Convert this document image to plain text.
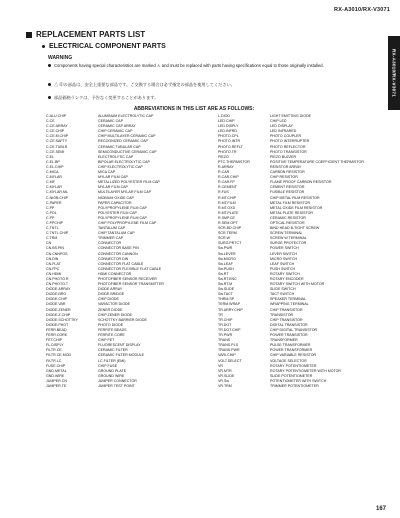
RX-A3010/RX-V3071
RX-A3010/RX-V3071
REPLACEMENT PARTS LIST
ELECTRICAL COMPONENT PARTS
WARNING
Components having special characteristics are marked ⚠ and must be replaced with parts having specifications equal to those originally installed.
△ 印の部品は、安全上重要な部品です。ご交換する場合は必ず指定の部品を使用してください。
部品価格ランクは、予告なく変更することがあります。
ABBREVIATIONS IN THIS LIST ARE AS FOLLOWS:
C.ALU.CHIP	ALUMINUM ELECTROLYTIC CAP
C.CE	CERAMIC CAP
C.CE.ARRAY	CERAMIC CAP ARRAY
C.CE.CHIP	CHIP CERAMIC CAP
C.CE.M.CHIP	CHIP MULTILAYER CERAMIC CAP
C.CE.SAFTY	RECOGNIZED CERAMIC CAP
C.CE.TUBLR	CERAMIC TUBULAR CAP
C.CE.SEMI	SEMICONDUCTIVE CERAMIC CAP
C.EL	ELECTROLYTIC CAP
C.EL.BP	BIPOLAR ELECTROLYTIC CAP
C.EL.CHIP	CHIP ELECTROLYTIC CAP
C.MICA	MICA CAP
C.MYLAR	MYLAR FILM CAP
C.MF	METALLIZED POLYESTER FILM CAP
C.MYLAR	MYLAR FILM CAP
C.MYLAR.ML	MULTILAYER MYLAR FILM CAP
C.NIOB.CHIP	NIOBIUM OXIDE CAP
C.PAPER	PAPER CAPACITOR
C.PP	POLYPROPYLENE FILM CAP
C.POL	POLYESTER FILM CAP
C.PP	POLYPROPYLENE FILM CAP
C.PPCHIP	CHIP POLYPROPYLENE FILM CAP
C.TNTL	TANTALUM CAP
C.TNTL.CHIP	CHIP TANTALUM CAP
C.TRM	TRIMMER CAP
CN	CONNECTOR
CN.BS.PIN	CONNECTOR BASE PIN
CN.CNNPOS	CONNECTOR CANNON
CN.DIN	CONNECTOR DIN
CN.FLAT	CONNECTOR FLAT CABLE
CN.FPC	CONNECTOR FLEXIBLE FLAT CABLE
CN.HDMI	HDMI CONNECTOR
CN.PHOTO.R	PHOTOFIBER SENSOR RECEIVER
CN.PHOTO.T	PHOTOFIBER SENSOR TRANSMITTER
DIODE.ARRAY	DIODE ARRAY
DIODE.BRG	DIODE BRIDGE
DIODE.CHIP	CHIP DIODE
DIODE.VAR	VARACTOR DIODE
DIODE.ZENER	ZENER DIODE
DIODE.Z.CHIP	CHIP ZENER DIODE
DIODE.SCHOTTKY	SCHOTTKY BARRIER DIODE
DIODE.PHOT	PHOTO DIODE
FERR.BEAD	FERRITE BEADS
FERR.CORE	FERRITE CORE
FET.CHIP	CHIP FET
FL.DISPLY	FLUORESCENT DISPLAY
FILTR.CE	CERAMIC FILTER
FILTR.CE.MOD	CERAMIC FILTER MODULE
FILTR.LC	LC FILTER (EMI)
FUSE.CHIP	CHIP FUSE
GND.METAL	GROUND PLATE
GND.WIRE	GROUND WIRE
JUMPER.CN	JUMPER CONNECTOR
JUMPER.TE	JUMPER TEST POINT
L.DIOD	LIGHT EMITTING DIODE
LED.CHIP	CHIP LED
LED.DISPLY	LED DISPLAY
LED.INFRD	LED INFRARED
PHOTO.CPL	PHOTO COUPLER
PHOTO.INTR	PHOTO INTERRUPTER
PHOTO.REFLT	PHOTO REFLECTOR
PHOTO.TR	PHOTO TRANSISTOR
PIEZO	PIEZO BUZZER
PTC.THERMISTOR	POSITIVE TEMPERATURE COEFFICIENT THERMISTOR
R.ARRAY	RESISTOR ARRAY
R.CAR	CARBON RESISTOR
R.CAR.CHIP	CHIP RESISTOR
R.CAR.FP	FLAME PROOF CARBON RESISTOR
R.CEMENT	CEMENT RESISTOR
R.FUS	FUSIBLE RESISTOR
R.MT.CHIP	CHIP METAL FILM RESISTOR
R.MT.FILM	METAL FILM RESISTOR
R.MT.OXD	METAL OXIDE FILM RESISTOR
R.MT.PLATE	METAL PLATE RESISTOR
R.SMP.CE	CERAMIC RESISTOR
R.SEM.OPT	OPTICAL RESISTOR
SCR.BD.CHIP	BIND HEAD B-TIGHT SCREW
SCR.TERM	SCREW TERMINAL
SCR.W	SCREW W TERMINAL
SURG.PRTCT	SURGE PROTECTOR
Sw.PWR	POWER SWITCH
Sw.LEVER	LEVER SWITCH
Sw.MICRO	MICRO SWITCH
Sw.LEAF	LEAF SWITCH
Sw.PUSH	PUSH SWITCH
Sw.RT	ROTARY SWITCH
Sw.RT.ENC	ROTARY ENCODER
Sw.RT.M	ROTARY SWITCH WITH MOTOR
Sw.SLIDE	SLIDE SWITCH
Sw.TACT	TACT SWITCH
THRM.SP	SPEAKER TERMINAL
TERM.WRAP	WRAPPING TERMINAL
TR.ARRY.CHIP	CHIP TRANSISTOR
TR	TRANSISTOR
TR.CHIP	CHIP TRANSISTOR
TR.DGT	DIGITAL TRANSISTOR
TR.DGT.CHIP	CHIP DIGITAL TRANSISTOR
TR.PWR	POWER TRANSISTOR
TRANS	TRANSFORMER
TRANS.PLS	PULSE TRANSFORMER
TRANS.PWR	POWER TRANSFORMER
VARI.CHIP	CHIP VARIABLE RESISTOR
VOLT.SELECT	VOLTAGE SELECTOR
VR	ROTARY POTENTIOMETER
VR.MTR	ROTARY POTENTIOMETER WITH MOTOR
VR.SLIDE	SLIDE POTENTIOMETER
VR.Sw	POTENTIOMETER WITH SWITCH
VR.TRM	TRIMMER POTENTIOMETER
167
